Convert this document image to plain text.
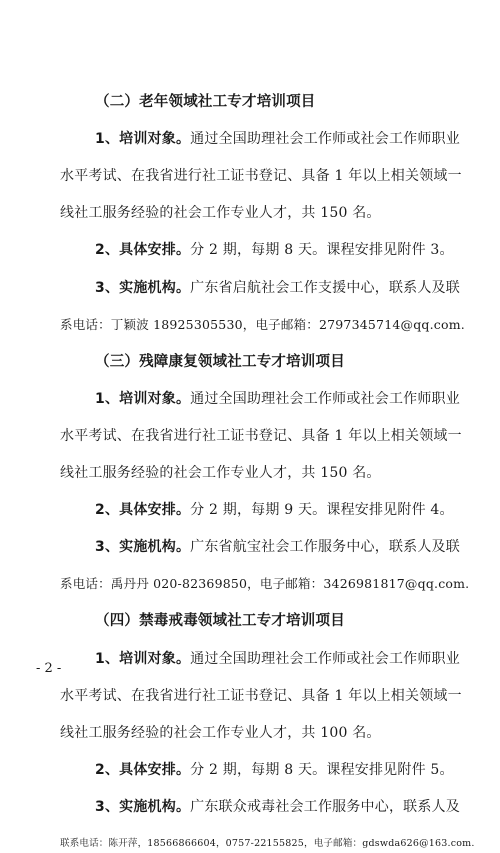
- 2 -
（二）老年领域社工专才培训项目
1、培训对象。通过全国助理社会工作师或社会工作师职业
水平考试、在我省进行社工证书登记、具备 1 年以上相关领域一
线社工服务经验的社会工作专业人才，共 150 名。
2、具体安排。分 2 期，每期 8 天。课程安排见附件 3。
3、实施机构。广东省启航社会工作支援中心，联系人及联
系电话：丁颖波 18925305530，电子邮箱：2797345714@qq.com.
（三）残障康复领域社工专才培训项目
1、培训对象。通过全国助理社会工作师或社会工作师职业
水平考试、在我省进行社工证书登记、具备 1 年以上相关领域一
线社工服务经验的社会工作专业人才，共 150 名。
2、具体安排。分 2 期，每期 9 天。课程安排见附件 4。
3、实施机构。广东省航宝社会工作服务中心，联系人及联
系电话：禹丹丹 020-82369850，电子邮箱：3426981817@qq.com.
（四）禁毒戒毒领域社工专才培训项目
1、培训对象。通过全国助理社会工作师或社会工作师职业
水平考试、在我省进行社工证书登记、具备 1 年以上相关领域一
线社工服务经验的社会工作专业人才，共 100 名。
2、具体安排。分 2 期，每期 8 天。课程安排见附件 5。
3、实施机构。广东联众戒毒社会工作服务中心，联系人及
联系电话：陈开萍，18566866604，0757-22155825，电子邮箱：gdswda626@163.com.
